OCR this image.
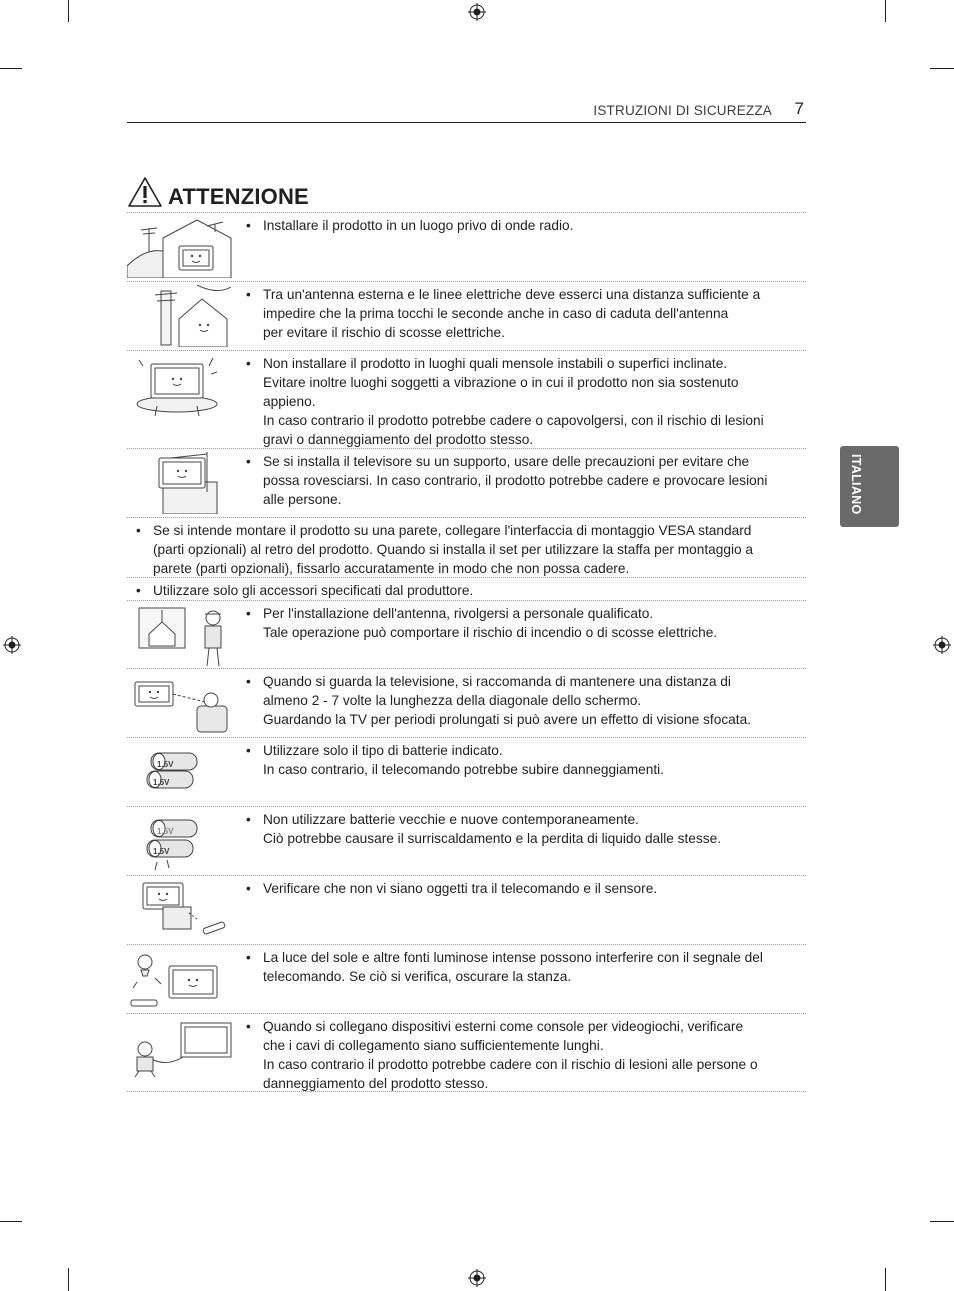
ISTRUZIONI DI SICUREZZA 7
ITALIANO
ATTENZIONE
• Installare il prodotto in un luogo privo di onde radio.
• Tra un'antenna esterna e le linee elettriche deve esserci una distanza sufficiente a
impedire che la prima tocchi le seconde anche in caso di caduta dell'antenna
per evitare il rischio di scosse elettriche.
• Non installare il prodotto in luoghi quali mensole instabili o superfici inclinate.
Evitare inoltre luoghi soggetti a vibrazione o in cui il prodotto non sia sostenuto
appieno.
In caso contrario il prodotto potrebbe cadere o capovolgersi, con il rischio di lesioni
gravi o danneggiamento del prodotto stesso.
• Se si installa il televisore su un supporto, usare delle precauzioni per evitare che
possa rovesciarsi. In caso contrario, il prodotto potrebbe cadere e provocare lesioni
alle persone.
• Se si intende montare il prodotto su una parete, collegare l'interfaccia di montaggio VESA standard
(parti opzionali) al retro del prodotto. Quando si installa il set per utilizzare la staffa per montaggio a
parete (parti opzionali), fissarlo accuratamente in modo che non possa cadere.
• Utilizzare solo gli accessori specificati dal produttore.
• Per l'installazione dell'antenna, rivolgersi a personale qualificato.
Tale operazione può comportare il rischio di incendio o di scosse elettriche.
• Quando si guarda la televisione, si raccomanda di mantenere una distanza di
almeno 2 - 7 volte la lunghezza della diagonale dello schermo.
Guardando la TV per periodi prolungati si può avere un effetto di visione sfocata.
1.5V
1.5V
• Utilizzare solo il tipo di batterie indicato.
In caso contrario, il telecomando potrebbe subire danneggiamenti.
1.5V
1.5V
• Non utilizzare batterie vecchie e nuove contemporaneamente.
Ciò potrebbe causare il surriscaldamento e la perdita di liquido dalle stesse.
• Verificare che non vi siano oggetti tra il telecomando e il sensore.
• La luce del sole e altre fonti luminose intense possono interferire con il segnale del
telecomando. Se ciò si verifica, oscurare la stanza.
• Quando si collegano dispositivi esterni come console per videogiochi, verificare
che i cavi di collegamento siano sufficientemente lunghi.
In caso contrario il prodotto potrebbe cadere con il rischio di lesioni alle persone o
danneggiamento del prodotto stesso.
